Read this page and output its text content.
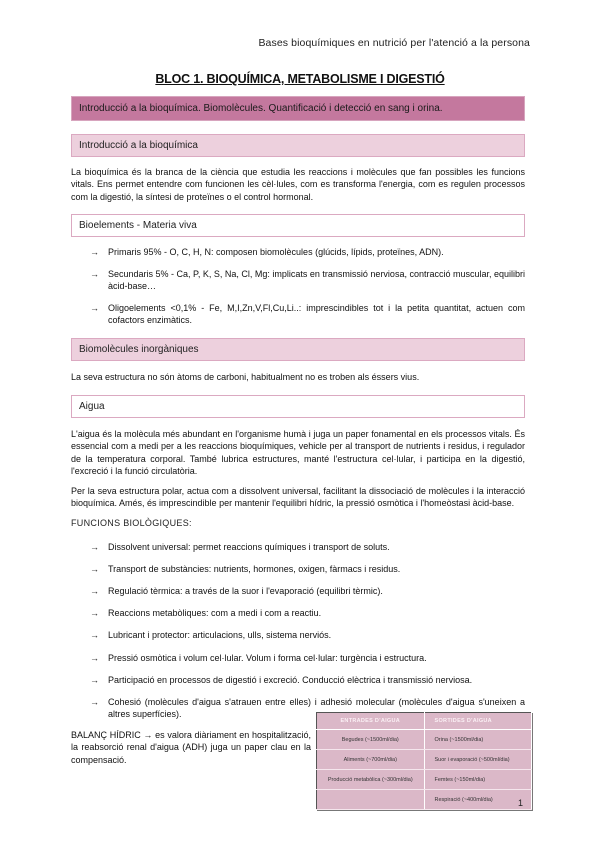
Bases bioquímiques en nutrició per l'atenció a la persona
BLOC 1. BIOQUÍMICA, METABOLISME I DIGESTIÓ
Introducció a la bioquímica. Biomolècules. Quantificació i detecció en sang i orina.
Introducció a la bioquímica
La bioquímica és la branca de la ciència que estudia les reaccions i molècules que fan possibles les funcions vitals. Ens permet entendre com funcionen les cèl·lules, com es transforma l'energia, com es regulen processos com la digestió, la síntesi de proteïnes o el control hormonal.
Bioelements - Materia viva
→ Primaris 95% - O, C, H, N: composen biomolècules (glúcids, lípids, proteïnes, ADN).
→ Secundaris 5% - Ca, P, K, S, Na, Cl, Mg: implicats en transmissió nerviosa, contracció muscular, equilibri àcid-base…
→ Oligoelements <0,1% - Fe, M,I,Zn,V,Fl,Cu,Li..: imprescindibles tot i la petita quantitat, actuen com cofactors enzimàtics.
Biomolècules inorgàniques
La seva estructura no són àtoms de carboni, habitualment no es troben als éssers vius.
Aigua
L'aigua és la molècula més abundant en l'organisme humà i juga un paper fonamental en els processos vitals. És essencial com a medi per a les reaccions bioquímiques, vehicle per al transport de nutrients i residus, i regulador de la temperatura corporal. També lubrica estructures, manté l'estructura cel·lular, i participa en la digestió, l'excreció i la funció circulatòria.
Per la seva estructura polar, actua com a dissolvent universal, facilitant la dissociació de molècules i la interacció bioquímica. Amés, és imprescindible per mantenir l'equilibri hídric, la pressió osmòtica i l'homeòstasi àcid-base.
FUNCIONS BIOLÒGIQUES:
→ Dissolvent universal: permet reaccions químiques i transport de soluts.
→ Transport de substàncies: nutrients, hormones, oxigen, fàrmacs i residus.
→ Regulació tèrmica: a través de la suor i l'evaporació (equilibri tèrmic).
→ Reaccions metabòliques: com a medi i com a reactiu.
→ Lubricant i protector: articulacions, ulls, sistema nerviós.
→ Pressió osmòtica i volum cel·lular. Volum i forma cel·lular: turgència i estructura.
→ Participació en processos de digestió i excreció. Conducció elèctrica i transmissió nerviosa.
→ Cohesió (molècules d'aigua s'atrauen entre elles) i adhesió molecular (molècules d'aigua s'uneixen a altres superfícies).
BALANÇ HÍDRIC → es valora diàriament en hospitalització, la reabsorció renal d'aigua (ADH) juga un paper clau en la compensació.
ENTRADES D'AIGUA	SORTIDES D'AIGUA
Begudes (~1500ml/dia)	Orina (~1500ml/dia)
Aliments (~700ml/dia)	Suor i evaporació (~500ml/dia)
Producció metabòlica (~300ml/dia)	Femtes (~150ml/dia)
	Respiració (~400ml/dia)	1
